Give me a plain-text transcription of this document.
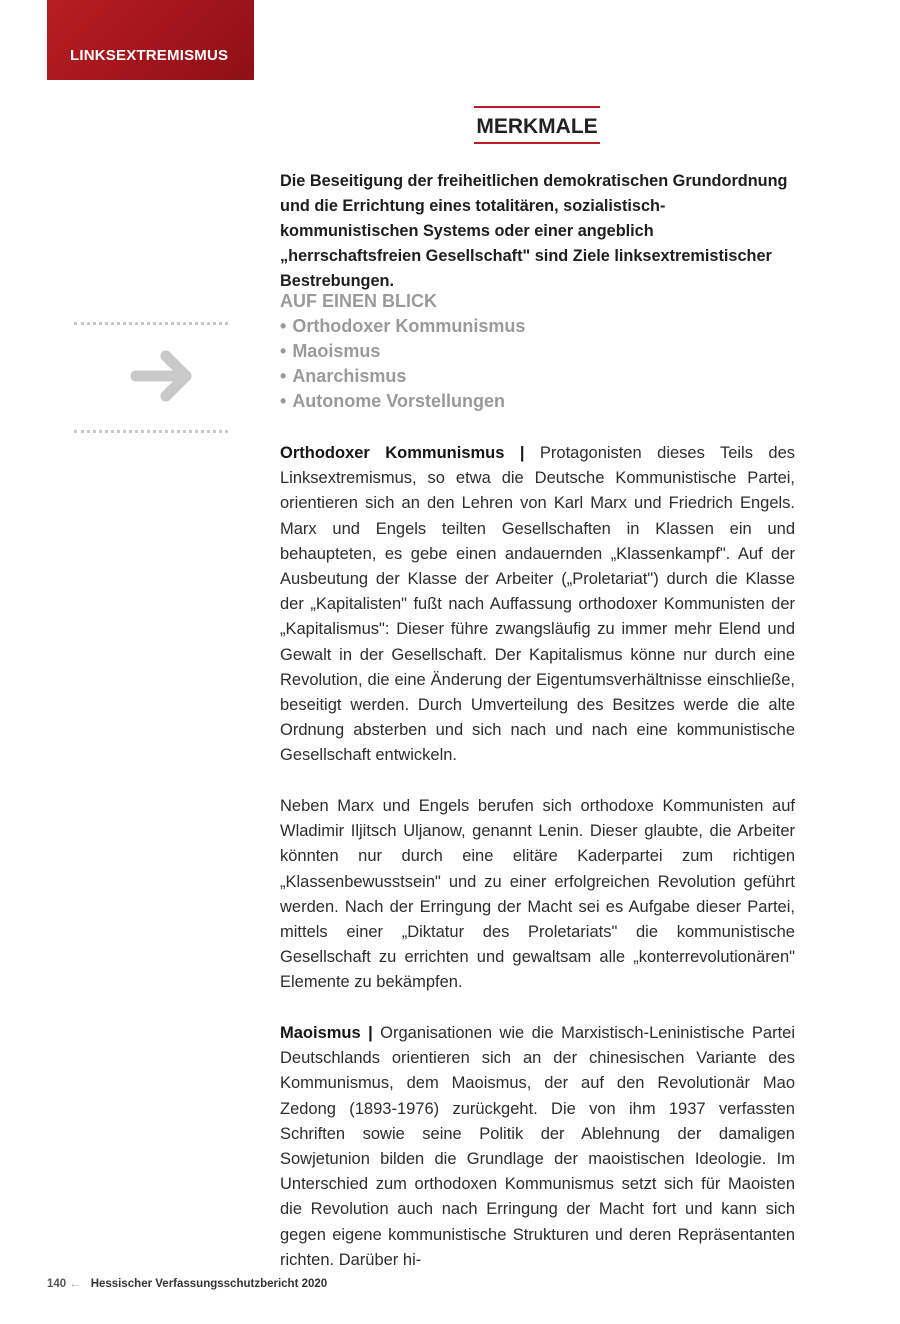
LINKSEXTREMISMUS
MERKMALE
Die Beseitigung der freiheitlichen demokratischen Grundordnung und die Errichtung eines totalitären, sozialistisch-kommunistischen Systems oder einer angeblich „herrschaftsfreien Gesellschaft" sind Ziele linksextremistischer Bestrebungen.
AUF EINEN BLICK
• Orthodoxer Kommunismus
• Maoismus
• Anarchismus
• Autonome Vorstellungen

Orthodoxer Kommunismus | Protagonisten dieses Teils des Linksextremismus, so etwa die Deutsche Kommunistische Partei, orientieren sich an den Lehren von Karl Marx und Friedrich Engels. Marx und Engels teilten Gesellschaften in Klassen ein und behaupteten, es gebe einen andauernden „Klassenkampf". Auf der Ausbeutung der Klasse der Arbeiter („Proletariat") durch die Klasse der „Kapitalisten" fußt nach Auffassung orthodoxer Kommunisten der „Kapitalismus": Dieser führe zwangsläufig zu immer mehr Elend und Gewalt in der Gesellschaft. Der Kapitalismus könne nur durch eine Revolution, die eine Änderung der Eigentumsverhältnisse einschließe, beseitigt werden. Durch Umverteilung des Besitzes werde die alte Ordnung absterben und sich nach und nach eine kommunistische Gesellschaft entwickeln.

Neben Marx und Engels berufen sich orthodoxe Kommunisten auf Wladimir Iljitsch Uljanow, genannt Lenin. Dieser glaubte, die Arbeiter könnten nur durch eine elitäre Kaderpartei zum richtigen „Klassenbewusstsein" und zu einer erfolgreichen Revolution geführt werden. Nach der Erringung der Macht sei es Aufgabe dieser Partei, mittels einer „Diktatur des Proletariats" die kommunistische Gesellschaft zu errichten und gewaltsam alle „konterrevolutionären" Elemente zu bekämpfen.

Maoismus | Organisationen wie die Marxistisch-Leninistische Partei Deutschlands orientieren sich an der chinesischen Variante des Kommunismus, dem Maoismus, der auf den Revolutionär Mao Zedong (1893-1976) zurückgeht. Die von ihm 1937 verfassten Schriften sowie seine Politik der Ablehnung der damaligen Sowjetunion bilden die Grundlage der maoistischen Ideologie. Im Unterschied zum orthodoxen Kommunismus setzt sich für Maoisten die Revolution auch nach Erringung der Macht fort und kann sich gegen eigene kommunistische Strukturen und deren Repräsentanten richten. Darüber hi-

140 ← Hessischer Verfassungsschutzbericht 2020
